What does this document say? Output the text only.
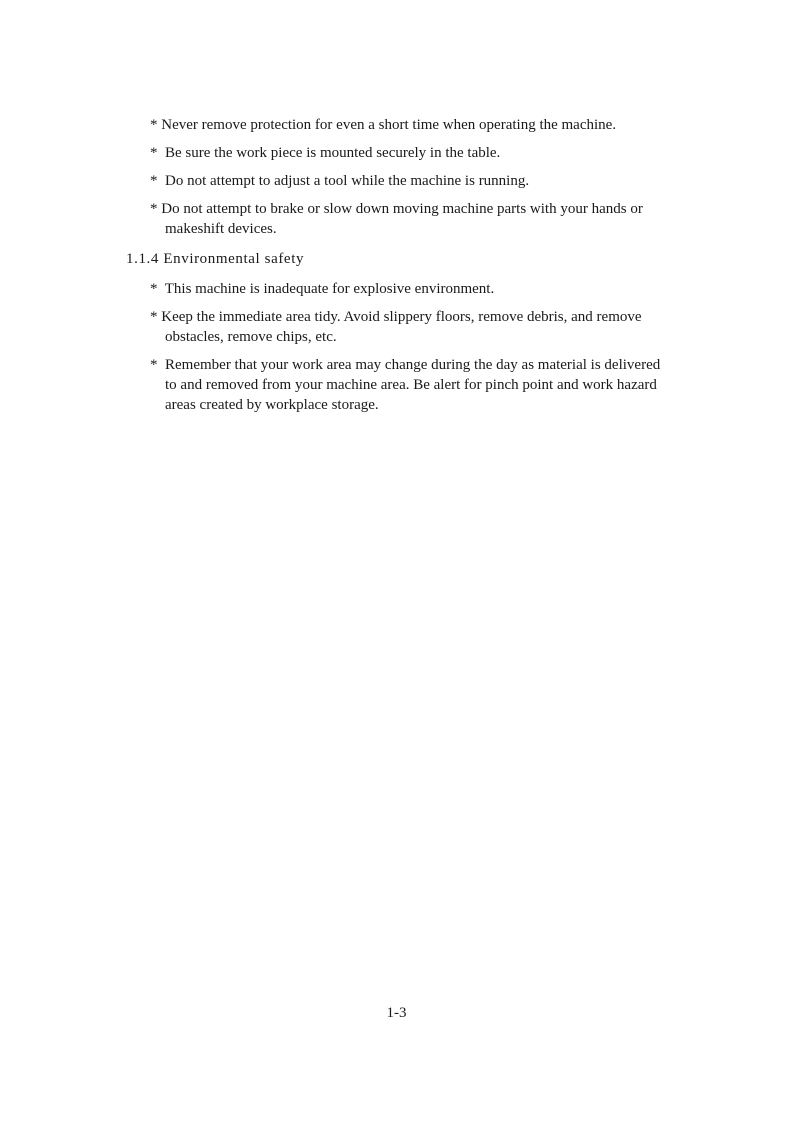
* Never remove protection for even a short time when operating the machine.
* Be sure the work piece is mounted securely in the table.
* Do not attempt to adjust a tool while the machine is running.
* Do not attempt to brake or slow down moving machine parts with your hands or
makeshift devices.
1.1.4 Environmental safety
* This machine is inadequate for explosive environment.
* Keep the immediate area tidy. Avoid slippery floors, remove debris, and remove
obstacles, remove chips, etc.
* Remember that your work area may change during the day as material is delivered
to and removed from your machine area. Be alert for pinch point and work hazard
areas created by workplace storage.
1-3
